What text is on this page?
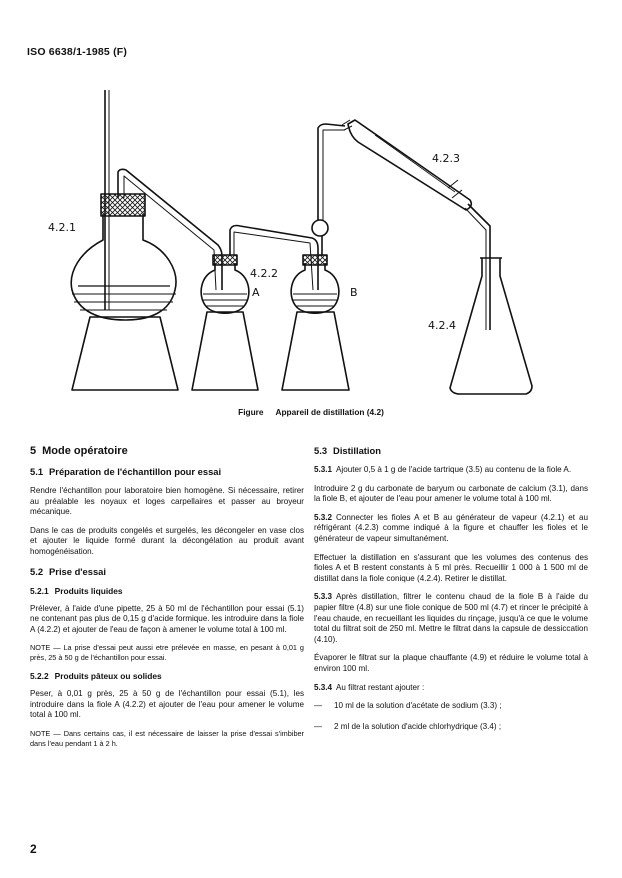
ISO 6638/1-1985 (F)
4.2.1
4.2.2
A	B
4.2.3
4.2.4
Figure Appareil de distillation (4.2)
5 Mode opératoire
5.1 Préparation de l'échantillon pour essai

Rendre l'échantillon pour laboratoire bien homogène. Si nécessaire, retirer au préalable les noyaux et loges carpellaires et passer au broyeur mécanique.

Dans le cas de produits congelés et surgelés, les décongeler en vase clos et ajouter le liquide formé durant la décongélation au produit avant homogénéisation.

5.2 Prise d'essai
5.2.1 Produits liquides

Prélever, à l'aide d'une pipette, 25 à 50 ml de l'échantillon pour essai (5.1) ne contenant pas plus de 0,15 g d'acide formique. les introduire dans la fiole A (4.2.2) et ajouter de l'eau de façon à amener le volume total à 100 ml.

NOTE — La prise d'essai peut aussi etre prélevée en masse, en pesant à 0,01 g près, 25 à 50 g de l'échantillon pour essai.

5.2.2 Produits pâteux ou solides

Peser, à 0,01 g près, 25 à 50 g de l'échantillon pour essai (5.1), les introduire dans la fiole A (4.2.2) et ajouter de l'eau pour amener le volume total à 100 ml.

NOTE — Dans certains cas, il est nécessaire de laisser la prise d'essai s'imbiber dans l'eau pendant 1 à 2 h.

5.3 Distillation

5.3.1 Ajouter 0,5 à 1 g de l'acide tartrique (3.5) au contenu de la fiole A.

Introduire 2 g du carbonate de baryum ou carbonate de calcium (3.1), dans la fiole B, et ajouter de l'eau pour amener le volume total à 100 ml.

5.3.2 Connecter les fioles A et B au générateur de vapeur (4.2.1) et au réfrigérant (4.2.3) comme indiqué à la figure et chauffer les fioles et le générateur de vapeur simultanément.

Effectuer la distillation en s'assurant que les volumes des contenus des fioles A et B restent constants à 5 ml près. Recueillir 1 000 à 1 500 ml de distillat dans la fiole conique (4.2.4). Retirer le distillat.

5.3.3 Après distillation, filtrer le contenu chaud de la fiole B à l'aide du papier filtre (4.8) sur une fiole conique de 500 ml (4.7) et rincer le précipité à l'eau chaude, en recueillant les liquides du rinçage, jusqu'à ce que le volume total du filtrat soit de 250 ml. Mettre le filtrat dans la capsule de dessiccation (4.10).

Évaporer le filtrat sur la plaque chauffante (4.9) et réduire le volume total à environ 100 ml.

5.3.4 Au filtrat restant ajouter :

—	10 ml de la solution d'acétate de sodium (3.3) ;
—	2 ml de la solution d'acide chlorhydrique (3.4) ;
2
